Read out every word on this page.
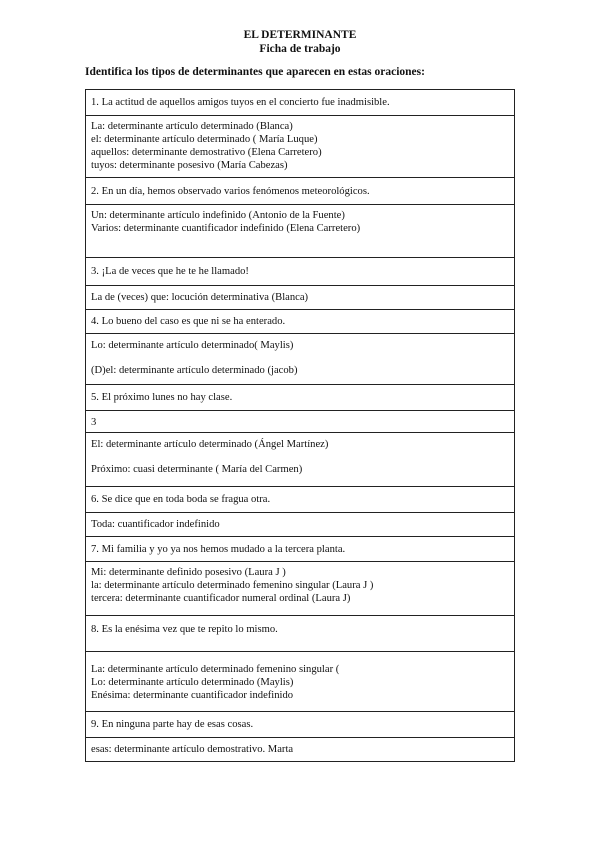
EL DETERMINANTE
Ficha de trabajo
Identifica los tipos de determinantes que aparecen en estas oraciones:
1. La actitud de aquellos amigos tuyos en el concierto fue inadmisible.

La: determinante artículo determinado (Blanca)
el: determinante artículo determinado ( María Luque)
aquellos: determinante demostrativo (Elena Carretero)
tuyos: determinante posesivo (María Cabezas)

2. En un día, hemos observado varios fenómenos meteorológicos.

Un: determinante artículo indefinido (Antonio de la Fuente)
Varios: determinante cuantificador indefinido (Elena Carretero)

3. ¡La de veces que he te he llamado!

La de (veces) que: locución determinativa (Blanca)

4. Lo bueno del caso es que ni se ha enterado.

Lo: determinante artículo determinado( Maylis)
(D)el: determinante artículo determinado (jacob)

5. El próximo lunes no hay clase.

3

El: determinante artículo determinado (Ángel Martínez)
Próximo: cuasi determinante ( María del Carmen)

6. Se dice que en toda boda se fragua otra.

Toda: cuantificador indefinido

7. Mi familia y yo ya nos hemos mudado a la tercera planta.

Mi: determinante definido posesivo (Laura J )
la: determinante artículo determinado femenino singular (Laura J )
tercera: determinante cuantificador numeral ordinal (Laura J)

8. Es la enésima vez que te repito lo mismo.

La: determinante artículo determinado femenino singular (
Lo: determinante artículo determinado (Maylis)
Enésima: determinante cuantificador indefinido

9. En ninguna parte hay de esas cosas.

esas: determinante artículo demostrativo. Marta
